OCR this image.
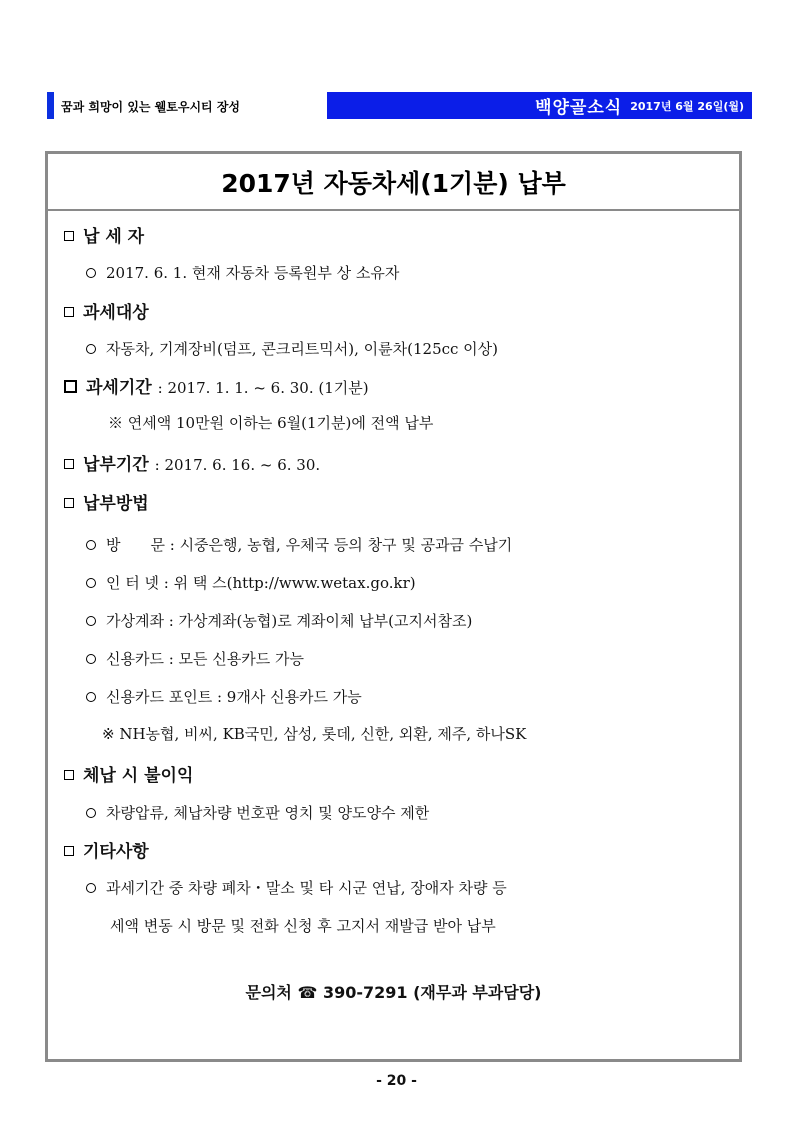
꿈과 희망이 있는 웰토우시티 장성	백양골소식 2017년 6월 26일(월)
2017년 자동차세(1기분) 납부
납 세 자
2017. 6. 1. 현재 자동차 등록원부 상 소유자
과세대상
자동차, 기계장비(덤프, 콘크리트믹서), 이륜차(125cc 이상)
과세기간 : 2017. 1. 1. ~ 6. 30. (1기분)
※ 연세액 10만원 이하는 6월(1기분)에 전액 납부
납부기간 : 2017. 6. 16. ~ 6. 30.
납부방법
방　　문 : 시중은행, 농협, 우체국 등의 창구 및 공과금 수납기
인 터 넷 : 위 택 스(http://www.wetax.go.kr)
가상계좌 : 가상계좌(농협)로 계좌이체 납부(고지서참조)
신용카드 : 모든 신용카드 가능
신용카드 포인트 : 9개사 신용카드 가능
※ NH농협, 비씨, KB국민, 삼성, 롯데, 신한, 외환, 제주, 하나SK
체납 시 불이익
차량압류, 체납차량 번호판 영치 및 양도양수 제한
기타사항
과세기간 중 차량 폐차・말소 및 타 시군 연납, 장애자 차량 등
세액 변동 시 방문 및 전화 신청 후 고지서 재발급 받아 납부
문의처 ☎ 390-7291 (재무과 부과담당)
- 20 -
